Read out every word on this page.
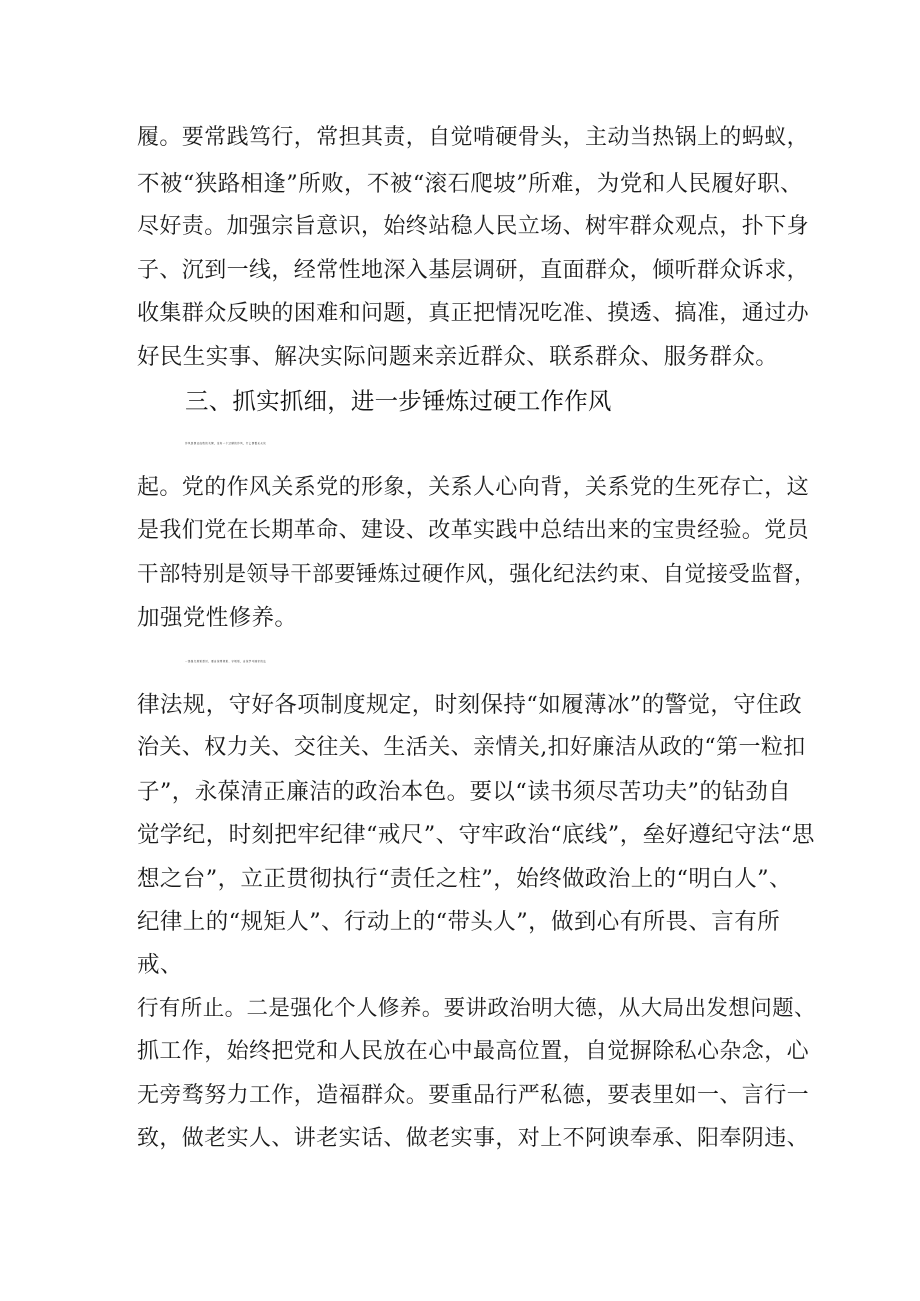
履。要常践笃行，常担其责，自觉啃硬骨头，主动当热锅上的蚂蚁，
不被“狭路相逢”所败，不被“滚石爬坡”所难，为党和人民履好职、
尽好责。加强宗旨意识，始终站稳人民立场、树牢群众观点，扑下身
子、沉到一线，经常性地深入基层调研，直面群众，倾听群众诉求，
收集群众反映的困难和问题，真正把情况吃准、摸透、搞准，通过办
好民生实事、解决实际问题来亲近群众、联系群众、服务群众。
三、抓实抓细，进一步锤炼过硬工作作风
作风是事业成败的关键，没有一个过硬的作风，什么事都无从谈
起。党的作风关系党的形象，关系人心向背，关系党的生死存亡，这
是我们党在长期革命、建设、改革实践中总结出来的宝贵经验。党员
干部特别是领导干部要锤炼过硬作风，强化纪法约束、自觉接受监督，
加强党性修养。
一是强化规矩意识。要自觉明规矩、守规矩，自觉学习国家的法
律法规，守好各项制度规定，时刻保持“如履薄冰”的警觉，守住政
治关、权力关、交往关、生活关、亲情关,扣好廉洁从政的“第一粒扣
子”，永葆清正廉洁的政治本色。要以“读书须尽苦功夫”的钻劲自
觉学纪，时刻把牢纪律“戒尺”、守牢政治“底线”，垒好遵纪守法“思
想之台”，立正贯彻执行“责任之柱”，始终做政治上的“明白人”、
纪律上的“规矩人”、行动上的“带头人”，做到心有所畏、言有所
戒、
行有所止。二是强化个人修养。要讲政治明大德，从大局出发想问题、
抓工作，始终把党和人民放在心中最高位置，自觉摒除私心杂念，心
无旁骛努力工作，造福群众。要重品行严私德，要表里如一、言行一
致，做老实人、讲老实话、做老实事，对上不阿谀奉承、阳奉阴违、
